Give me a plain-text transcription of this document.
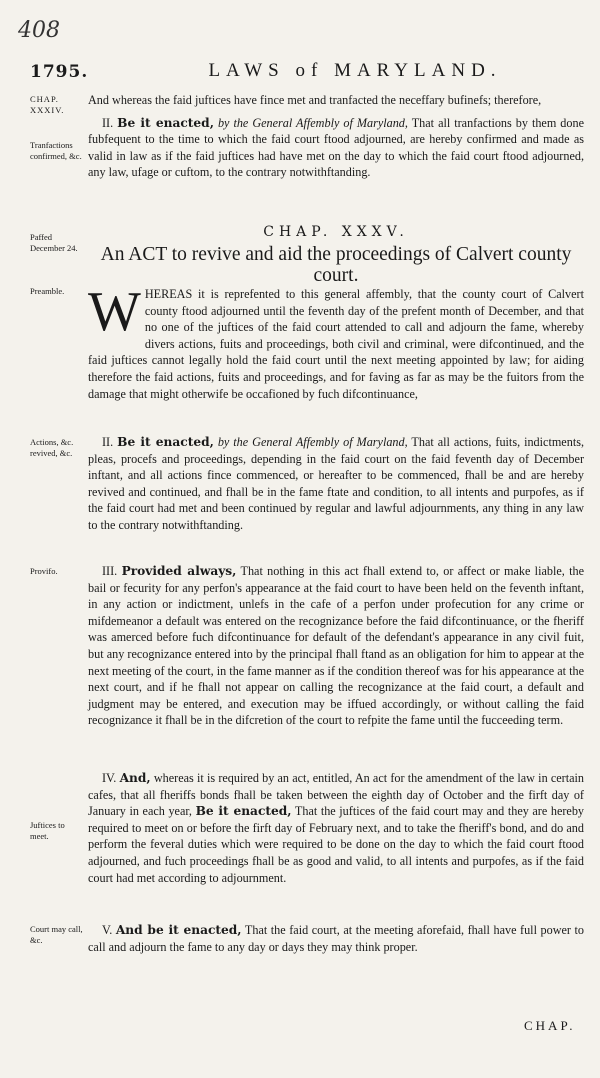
408
1795.	LAWS of MARYLAND.
CHAP. XXXIV.
Tranfactions confirmed, &c.
Paffed December 24.
Preamble.
Actions, &c. revived, &c.
Provifo.
Juftices to meet.
Court may call, &c.

And whereas the faid juftices have fince met and tranfacted the neceffary bufinefs; therefore,

II. Be it enacted, by the General Affembly of Maryland, That all tranfactions by them done fubfequent to the time to which the faid court ftood adjourned, are hereby confirmed and made as valid in law as if the faid juftices had have met on the day to which the faid court ftood adjourned, any law, ufage or cuftom, to the contrary notwithftanding.

CHAP. XXXV.
An ACT to revive and aid the proceedings of Calvert county court.

W HEREAS it is reprefented to this general affembly, that the county court of Calvert county ftood adjourned until the feventh day of the prefent month of December, and that no one of the juftices of the faid court attended to call and adjourn the fame, whereby divers actions, fuits and proceedings, both civil and criminal, were difcontinued, and the faid juftices cannot legally hold the faid court until the next meeting appointed by law; for aiding therefore the faid actions, fuits and proceedings, and for faving as far as may be the fuitors from the damage that might otherwife be occafioned by fuch difcontinuance,

II. Be it enacted, by the General Affembly of Maryland, That all actions, fuits, indictments, pleas, procefs and proceedings, depending in the faid court on the faid feventh day of December inftant, and all actions fince commenced, or hereafter to be commenced, fhall be and are hereby revived and continued, and fhall be in the fame ftate and condition, to all intents and purpofes, as if the faid court had met and been continued by regular and lawful adjournments, any thing in any law to the contrary notwithftanding.

III. Provided always, That nothing in this act fhall extend to, or affect or make liable, the bail or fecurity for any perfon's appearance at the faid court to have been held on the feventh inftant, in any action or indictment, unlefs in the cafe of a perfon under profecution for any crime or mifdemeanor a default was entered on the recognizance before the faid difcontinuance, or the fheriff was amerced before fuch difcontinuance for default of the defendant's appearance in any civil fuit, but any recognizance entered into by the principal fhall ftand as an obligation for him to appear at the next meeting of the court, in the fame manner as if the condition thereof was for his appearance at the next court, and if he fhall not appear on calling the recognizance at the faid court, a default and judgment may be entered, and execution may be iffued accordingly, or without calling the faid recognizance it fhall be in the difcretion of the court to refpite the fame until the fucceeding term.

IV. And, whereas it is required by an act, entitled, An act for the amendment of the law in certain cafes, that all fheriffs bonds fhall be taken between the eighth day of October and the firft day of January in each year, Be it enacted, That the juftices of the faid court may and they are hereby required to meet on or before the firft day of February next, and to take the fheriff's bond, and do and perform the feveral duties which were required to be done on the day to which the faid court ftood adjourned, and fuch proceedings fhall be as good and valid, to all intents and purpofes, as if the faid court had met according to adjournment.

V. And be it enacted, That the faid court, at the meeting aforefaid, fhall have full power to call and adjourn the fame to any day or days they may think proper.

CHAP.
